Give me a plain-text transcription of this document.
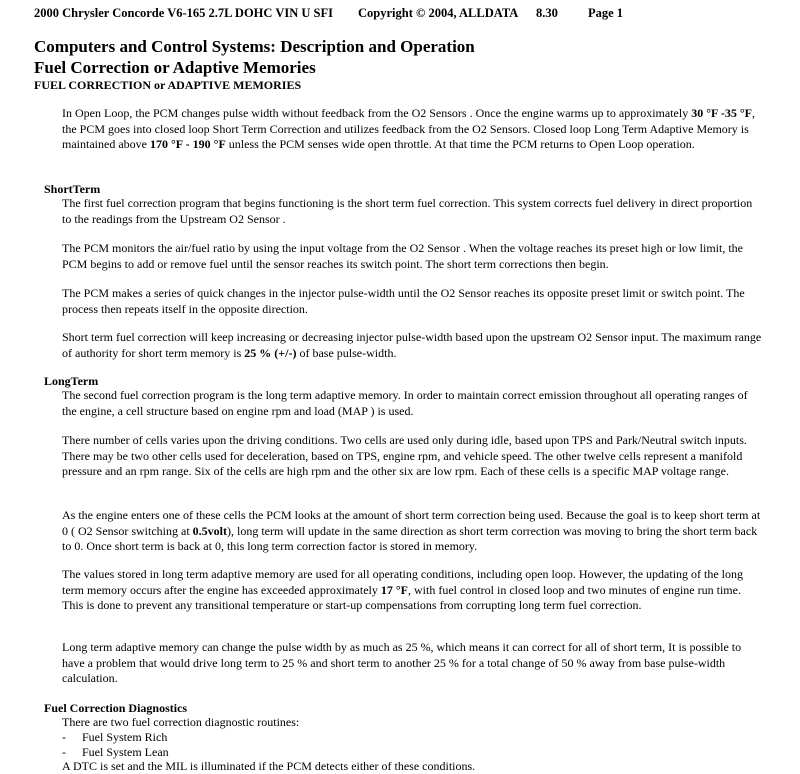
2000 Chrysler Concorde V6-165 2.7L DOHC VIN U SFI Copyright © 2004, ALLDATA 8.30 Page 1
Computers and Control Systems: Description and Operation
Fuel Correction or Adaptive Memories
FUEL CORRECTION or ADAPTIVE MEMORIES

In Open Loop, the PCM changes pulse width without feedback from the O2 Sensors . Once the engine warms up to approximately 30 °F -35 °F, the PCM goes into closed loop Short Term Correction and utilizes feedback from the O2 Sensors. Closed loop Long Term Adaptive Memory is maintained above 170 °F - 190 °F unless the PCM senses wide open throttle. At that time the PCM returns to Open Loop operation.

ShortTerm

The first fuel correction program that begins functioning is the short term fuel correction. This system corrects fuel delivery in direct proportion to the readings from the Upstream O2 Sensor .

The PCM monitors the air/fuel ratio by using the input voltage from the O2 Sensor . When the voltage reaches its preset high or low limit, the PCM begins to add or remove fuel until the sensor reaches its switch point. The short term corrections then begin.

The PCM makes a series of quick changes in the injector pulse-width until the O2 Sensor reaches its opposite preset limit or switch point. The process then repeats itself in the opposite direction.

Short term fuel correction will keep increasing or decreasing injector pulse-width based upon the upstream O2 Sensor input. The maximum range of authority for short term memory is 25 % (+/-) of base pulse-width.

LongTerm

The second fuel correction program is the long term adaptive memory. In order to maintain correct emission throughout all operating ranges of the engine, a cell structure based on engine rpm and load (MAP ) is used.

There number of cells varies upon the driving conditions. Two cells are used only during idle, based upon TPS and Park/Neutral switch inputs. There may be two other cells used for deceleration, based on TPS, engine rpm, and vehicle speed. The other twelve cells represent a manifold pressure and an rpm range. Six of the cells are high rpm and the other six are low rpm. Each of these cells is a specific MAP voltage range.

As the engine enters one of these cells the PCM looks at the amount of short term correction being used. Because the goal is to keep short term at 0 ( O2 Sensor switching at 0.5volt), long term will update in the same direction as short term correction was moving to bring the short term back to 0. Once short term is back at 0, this long term correction factor is stored in memory.

The values stored in long term adaptive memory are used for all operating conditions, including open loop. However, the updating of the long term memory occurs after the engine has exceeded approximately 17 °F, with fuel control in closed loop and two minutes of engine run time. This is done to prevent any transitional temperature or start-up compensations from corrupting long term fuel correction.

Long term adaptive memory can change the pulse width by as much as 25 %, which means it can correct for all of short term, It is possible to have a problem that would drive long term to 25 % and short term to another 25 % for a total change of 50 % away from base pulse-width calculation.

Fuel Correction Diagnostics
There are two fuel correction diagnostic routines:
- Fuel System Rich
- Fuel System Lean
A DTC is set and the MIL is illuminated if the PCM detects either of these conditions.
